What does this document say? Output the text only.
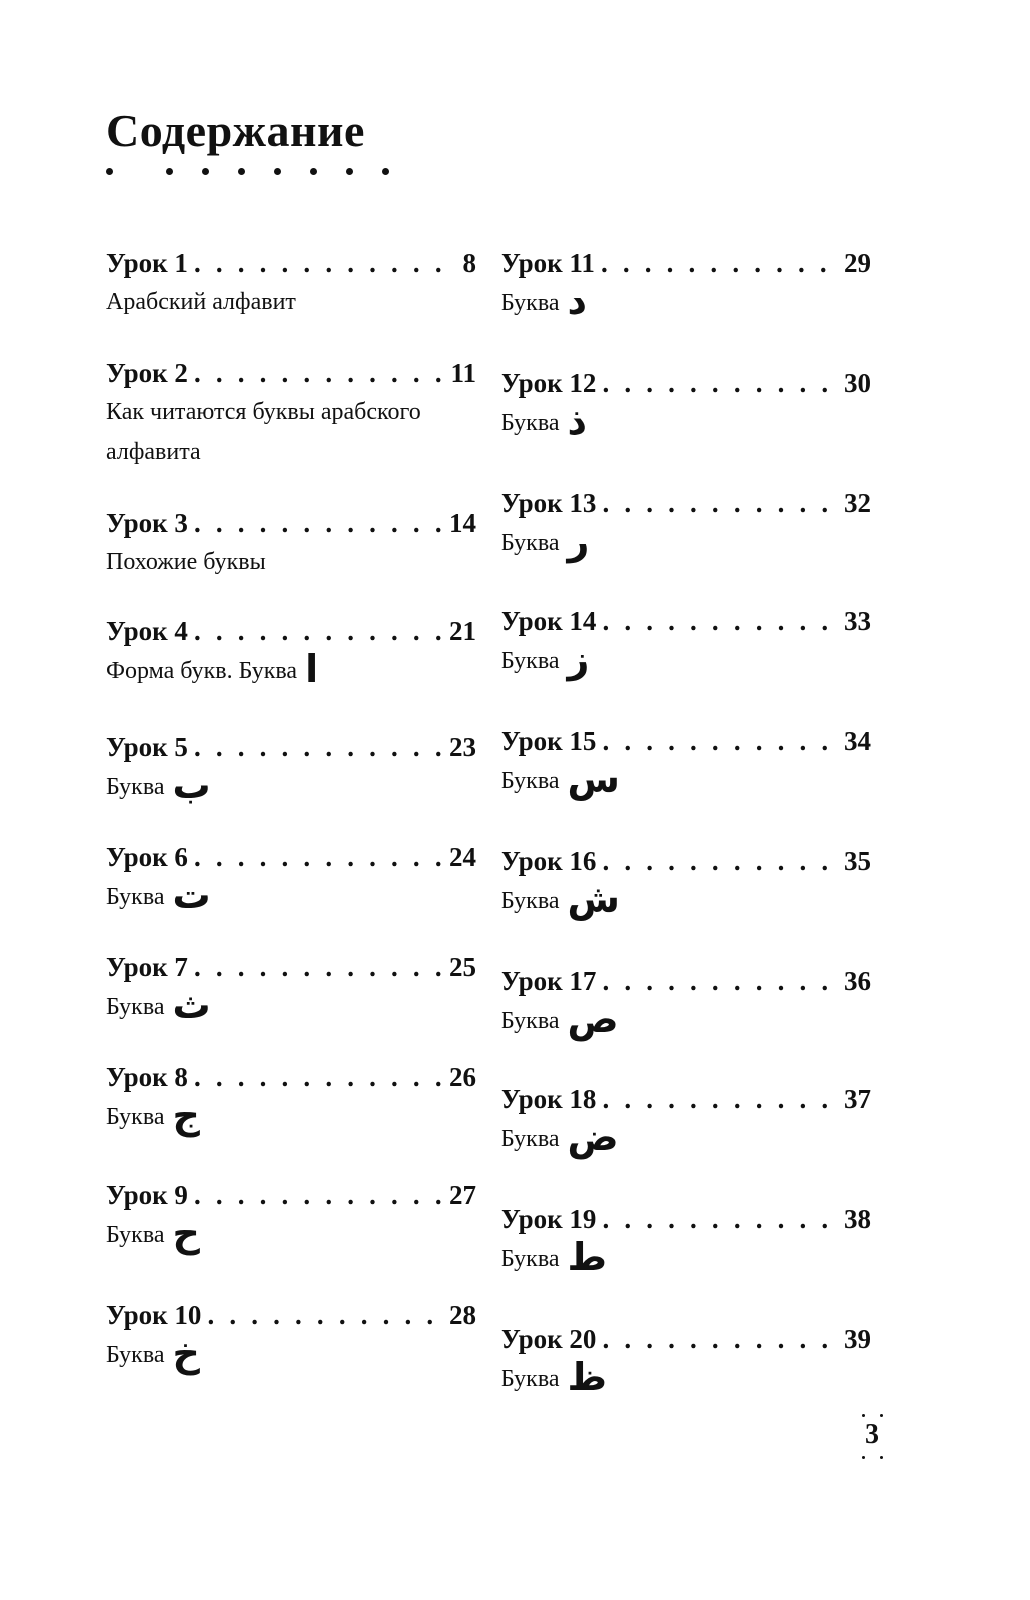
Содержание
Урок 1 . . .	8
Арабский алфавит
Урок 2 . . .	11
Как читаются буквы арабского алфавита
Урок 3 . . .	14
Похожие буквы
Урок 4 . . .	21
Форма букв. Буква ا
Урок 5 . . .	23
Буква ب
Урок 6 . . .	24
Буква ت
Урок 7 . . .	25
Буква ث
Урок 8 . . .	26
Буква ج
Урок 9 . . .	27
Буква ح
Урок 10 . . .	28
Буква خ
Урок 11 . . .	29
Буква د
Урок 12 . . .	30
Буква ذ
Урок 13 . . .	32
Буква ر
Урок 14 . . .	33
Буква ز
Урок 15 . . .	34
Буква س
Урок 16 . . .	35
Буква ش
Урок 17 . . .	36
Буква ص
Урок 18 . . .	37
Буква ض
Урок 19 . . .	38
Буква ط
Урок 20 . . .	39
Буква ظ
3
